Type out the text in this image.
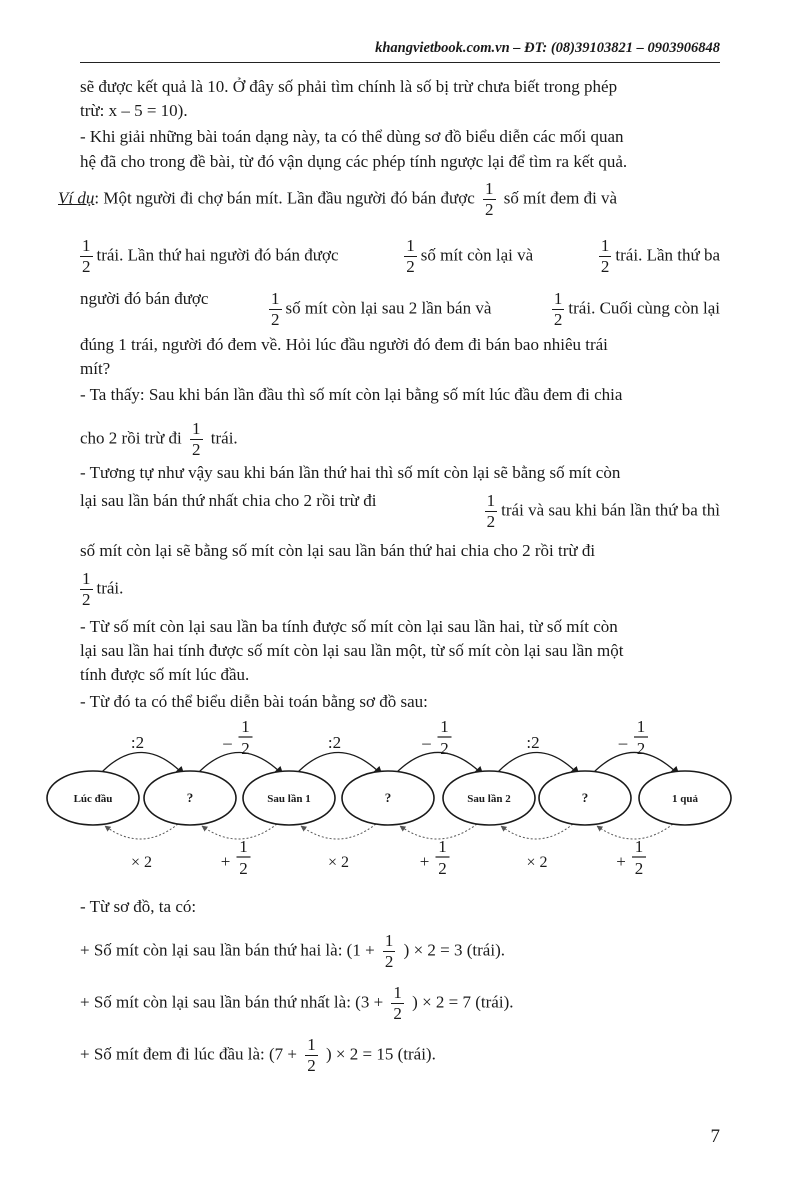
khangvietbook.com.vn – ĐT: (08)39103821 – 0903906848
sẽ được kết quả là 10. Ở đây số phải tìm chính là số bị trừ chưa biết trong phép
trừ: x – 5 = 10).
- Khi giải những bài toán dạng này, ta có thể dùng sơ đồ biểu diễn các mối quan
hệ đã cho trong đề bài, từ đó vận dụng các phép tính ngược lại để tìm ra kết quả.
Ví dụ: Một người đi chợ bán mít. Lần đầu người đó bán được $\frac{1}{2}$ số mít đem đi và
$\frac{1}{2}$ trái. Lần thứ hai người đó bán được	$\frac{1}{2}$ số mít còn lại và	$\frac{1}{2}$ trái. Lần thứ ba
người đó bán được	$\frac{1}{2}$ số mít còn lại sau 2 lần bán và	$\frac{1}{2}$ trái. Cuối cùng còn lại
đúng 1 trái, người đó đem về. Hỏi lúc đầu người đó đem đi bán bao nhiêu trái
mít?
- Ta thấy: Sau khi bán lần đầu thì số mít còn lại bằng số mít lúc đầu đem đi chia
cho 2 rồi trừ đi $\frac{1}{2}$ trái.
- Tương tự như vậy sau khi bán lần thứ hai thì số mít còn lại sẽ bằng số mít còn
lại sau lần bán thứ nhất chia cho 2 rồi trừ đi	$\frac{1}{2}$ trái và sau khi bán lần thứ ba thì
số mít còn lại sẽ bằng số mít còn lại sau lần bán thứ hai chia cho 2 rồi trừ đi
$\frac{1}{2}$ trái.
- Từ số mít còn lại sau lần ba tính được số mít còn lại sau lần hai, từ số mít còn
lại sau lần hai tính được số mít còn lại sau lần một, từ số mít còn lại sau lần một
tính được số mít lúc đầu.
- Từ đó ta có thể biểu diễn bài toán bằng sơ đồ sau:
Lúc đầu	?	Sau lần 1	?	Sau lần 2	?	1 quả
:2	–
1
2	:2	–
1
2	:2	–
1
2
× 2	+
1
2	× 2	+
1
2	× 2	+
1
2
- Từ sơ đồ, ta có:
+ Số mít còn lại sau lần bán thứ hai là: ($1 + \frac{1}{2}$ ) × 2 = 3 (trái).
+ Số mít còn lại sau lần bán thứ nhất là: ($3 + \frac{1}{2}$ ) × 2 = 7 (trái).
+ Số mít đem đi lúc đầu là: ($7 + \frac{1}{2}$ ) × 2 = 15 (trái).
7
